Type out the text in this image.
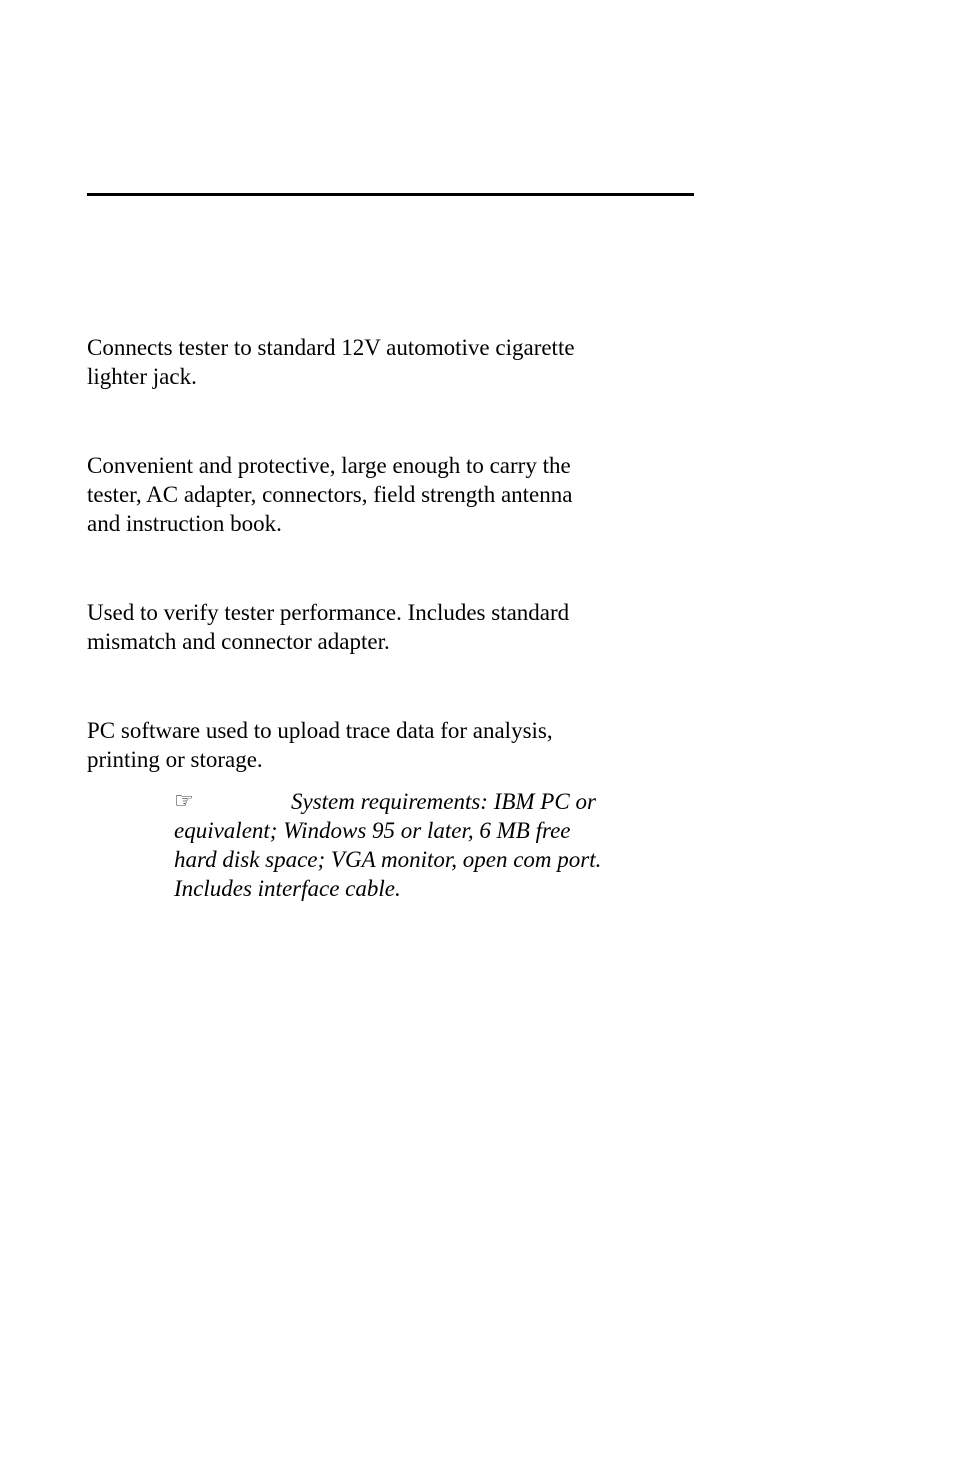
Connects tester to standard 12V automotive cigarette
lighter jack.
Convenient and protective, large enough to carry the
tester, AC adapter, connectors, field strength antenna
and instruction book.
Used to verify tester performance. Includes standard
mismatch and connector adapter.
PC software used to upload trace data for analysis,
printing or storage.
☞	System requirements: IBM PC or
equivalent; Windows 95 or later, 6 MB free
hard disk space; VGA monitor, open com port.
Includes interface cable.
